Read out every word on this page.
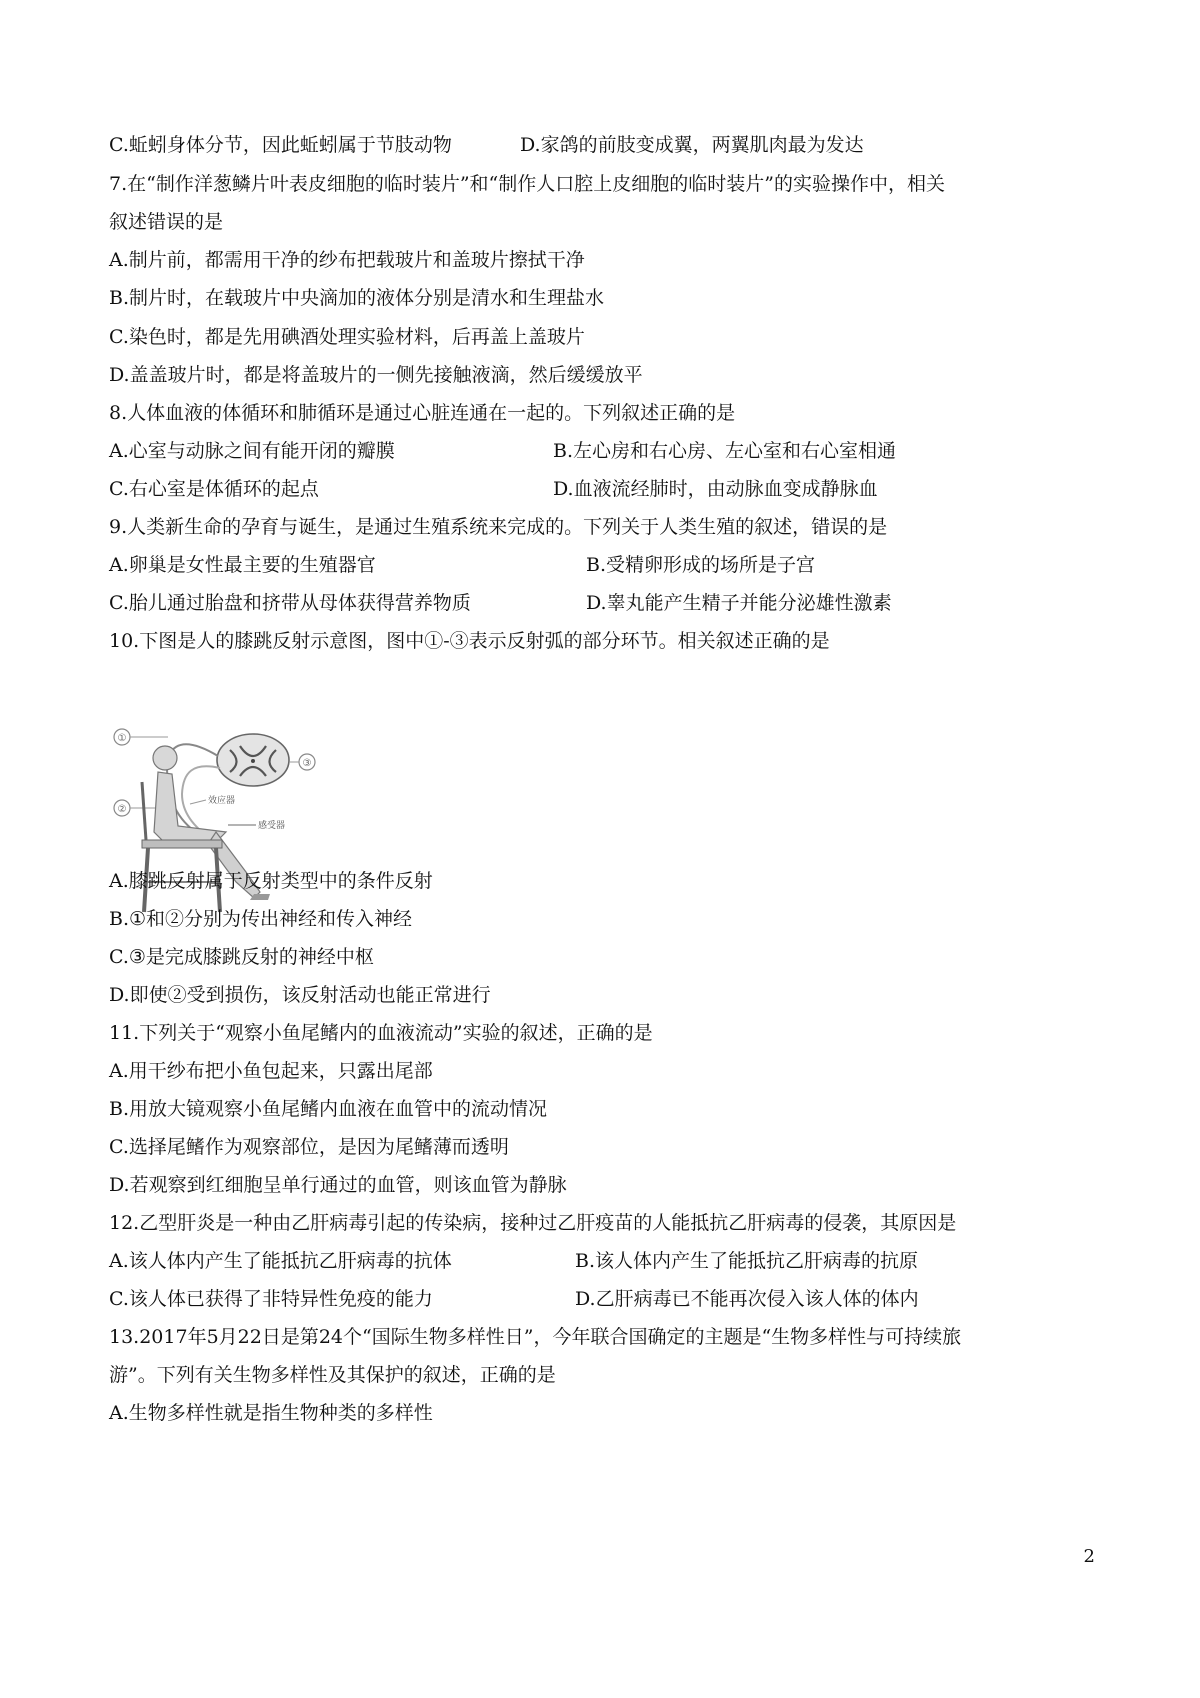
C.蚯蚓身体分节，因此蚯蚓属于节肢动物	D.家鸽的前肢变成翼，两翼肌肉最为发达
7.在“制作洋葱鳞片叶表皮细胞的临时装片”和“制作人口腔上皮细胞的临时装片”的实验操作中，相关
叙述错误的是
A.制片前，都需用干净的纱布把载玻片和盖玻片擦拭干净
B.制片时，在载玻片中央滴加的液体分别是清水和生理盐水
C.染色时，都是先用碘酒处理实验材料，后再盖上盖玻片
D.盖盖玻片时，都是将盖玻片的一侧先接触液滴，然后缓缓放平
8.人体血液的体循环和肺循环是通过心脏连通在一起的。下列叙述正确的是
A.心室与动脉之间有能开闭的瓣膜	B.左心房和右心房、左心室和右心室相通
C.右心室是体循环的起点	D.血液流经肺时，由动脉血变成静脉血
9.人类新生命的孕育与诞生，是通过生殖系统来完成的。下列关于人类生殖的叙述，错误的是
A.卵巢是女性最主要的生殖器官	B.受精卵形成的场所是子宫
C.胎儿通过胎盘和挤带从母体获得营养物质	D.睾丸能产生精子并能分泌雄性激素
10.下图是人的膝跳反射示意图，图中①-③表示反射弧的部分环节。相关叙述正确的是
①
②
③
效应器
感受器
A.膝跳反射属于反射类型中的条件反射
B.①和②分别为传出神经和传入神经
C.③是完成膝跳反射的神经中枢
D.即使②受到损伤，该反射活动也能正常进行
11.下列关于“观察小鱼尾鳍内的血液流动”实验的叙述，正确的是
A.用干纱布把小鱼包起来，只露出尾部
B.用放大镜观察小鱼尾鳍内血液在血管中的流动情况
C.选择尾鳍作为观察部位，是因为尾鳍薄而透明
D.若观察到红细胞呈单行通过的血管，则该血管为静脉
12.乙型肝炎是一种由乙肝病毒引起的传染病，接种过乙肝疫苗的人能抵抗乙肝病毒的侵袭，其原因是
A.该人体内产生了能抵抗乙肝病毒的抗体	B.该人体内产生了能抵抗乙肝病毒的抗原
C.该人体已获得了非特异性免疫的能力	D.乙肝病毒已不能再次侵入该人体的体内
13.2017年5月22日是第24个“国际生物多样性日”，今年联合国确定的主题是“生物多样性与可持续旅
游”。下列有关生物多样性及其保护的叙述，正确的是
A.生物多样性就是指生物种类的多样性
2
